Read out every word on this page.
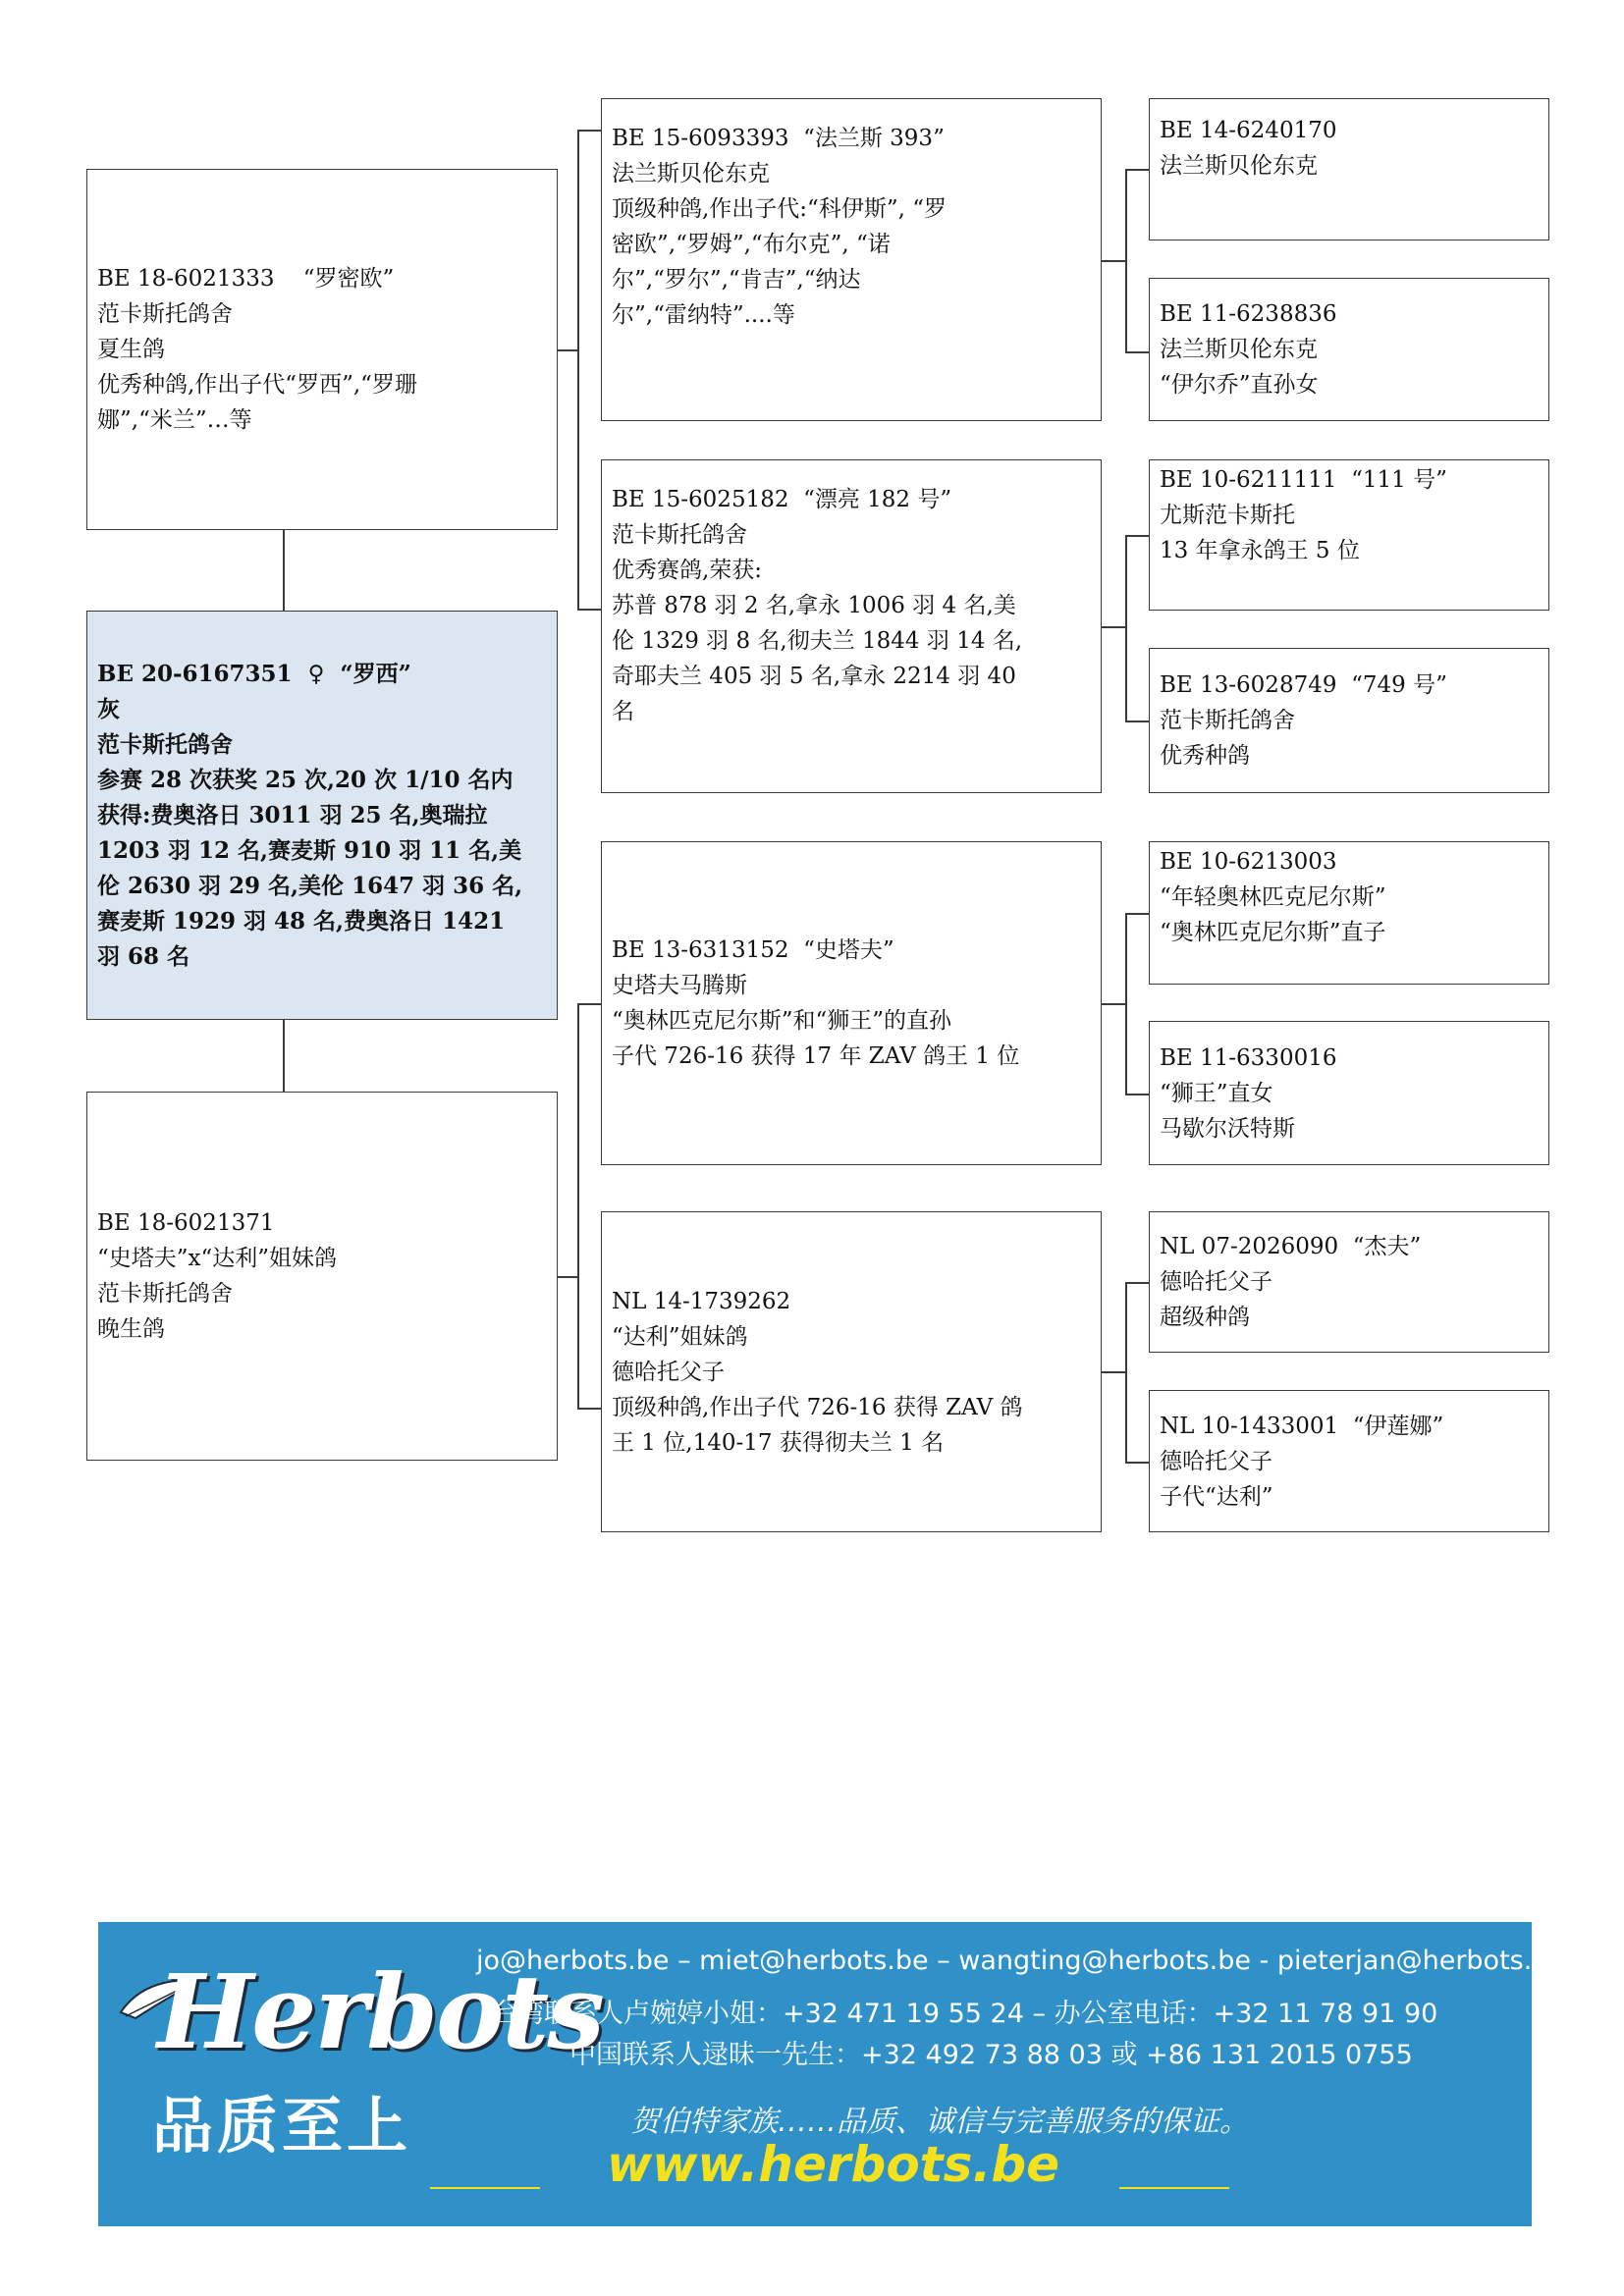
BE 18-6021333    “罗密欧”
范卡斯托鸽舍
夏生鸽
优秀种鸽,作出子代“罗西”,“罗珊
娜”,“米兰”…等
BE 20-6167351  ♀  “罗西”
灰
范卡斯托鸽舍
参赛 28 次获奖 25 次,20 次 1/10 名内
获得:费奥洛日 3011 羽 25 名,奥瑞拉
1203 羽 12 名,赛麦斯 910 羽 11 名,美
伦 2630 羽 29 名,美伦 1647 羽 36 名,
赛麦斯 1929 羽 48 名,费奥洛日 1421
羽 68 名
BE 18-6021371
“史塔夫”x“达利”姐妹鸽
范卡斯托鸽舍
晚生鸽
BE 15-6093393  “法兰斯 393”
法兰斯贝伦东克
顶级种鸽,作出子代:“科伊斯”, “罗
密欧”,“罗姆”,“布尔克”, “诺
尔”,“罗尔”,“肯吉”,“纳达
尔”,“雷纳特”....等
BE 15-6025182  “漂亮 182 号”
范卡斯托鸽舍
优秀赛鸽,荣获:
苏普 878 羽 2 名,拿永 1006 羽 4 名,美
伦 1329 羽 8 名,彻夫兰 1844 羽 14 名,
奇耶夫兰 405 羽 5 名,拿永 2214 羽 40
名
BE 13-6313152  “史塔夫”
史塔夫马腾斯
“奥林匹克尼尔斯”和“狮王”的直孙
子代 726-16 获得 17 年 ZAV 鸽王 1 位
NL 14-1739262
“达利”姐妹鸽
德哈托父子
顶级种鸽,作出子代 726-16 获得 ZAV 鸽
王 1 位,140-17 获得彻夫兰 1 名
BE 14-6240170
法兰斯贝伦东克
BE 11-6238836
法兰斯贝伦东克
“伊尔乔”直孙女
BE 10-6211111  “111 号”
尤斯范卡斯托
13 年拿永鸽王 5 位
BE 13-6028749  “749 号”
范卡斯托鸽舍
优秀种鸽
BE 10-6213003
“年轻奥林匹克尼尔斯”
“奥林匹克尼尔斯”直子
BE 11-6330016
“狮王”直女
马歇尔沃特斯
NL 07-2026090  “杰夫”
德哈托父子
超级种鸽
NL 10-1433001  “伊莲娜”
德哈托父子
子代“达利”
Herbots
品质至上
jo@herbots.be – miet@herbots.be – wangting@herbots.be - pieterjan@herbots.be
台湾联系人卢婉婷小姐：+32 471 19 55 24 – 办公室电话：+32 11 78 91 90
中国联系人逯昧一先生：+32 492 73 88 03 或 +86 131 2015 0755
贺伯特家族……品质、诚信与完善服务的保证。
www.herbots.be
